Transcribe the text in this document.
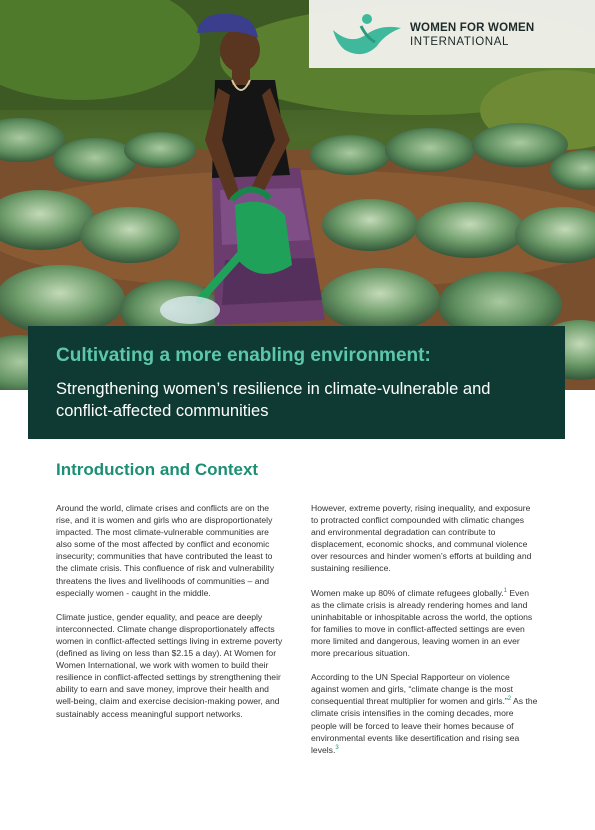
WOMEN FOR WOMEN
INTERNATIONAL
Cultivating a more enabling environment:
Strengthening women’s resilience in climate-vulnerable and conflict-affected communities
Introduction and Context

Around the world, climate crises and conflicts are on the rise, and it is women and girls who are disproportionately impacted. The most climate-vulnerable communities are also some of the most affected by conflict and economic insecurity; communities that have contributed the least to the climate crisis. This confluence of risk and vulnerability threatens the lives and livelihoods of communities – and especially women - caught in the middle.

Climate justice, gender equality, and peace are deeply interconnected. Climate change disproportionately affects women in conflict-affected settings living in extreme poverty (defined as living on less than $2.15 a day). At Women for Women International, we work with women to build their resilience in conflict-affected settings by strengthening their ability to earn and save money, improve their health and well-being, claim and exercise decision-making power, and sustainably access meaningful support networks.

However, extreme poverty, rising inequality, and exposure to protracted conflict compounded with climatic changes and environmental degradation can contribute to displacement, economic shocks, and communal violence over resources and hinder women’s efforts at building and sustaining resilience.

Women make up 80% of climate refugees globally.$^1$ Even as the climate crisis is already rendering homes and land uninhabitable or inhospitable across the world, the options for families to move in conflict-affected settings are even more limited and dangerous, leaving women in an ever more precarious situation.

According to the UN Special Rapporteur on violence against women and girls, “climate change is the most consequential threat multiplier for women and girls.”$^2$ As the climate crisis intensifies in the coming decades, more people will be forced to leave their homes because of environmental events like desertification and rising sea levels.$^3$
